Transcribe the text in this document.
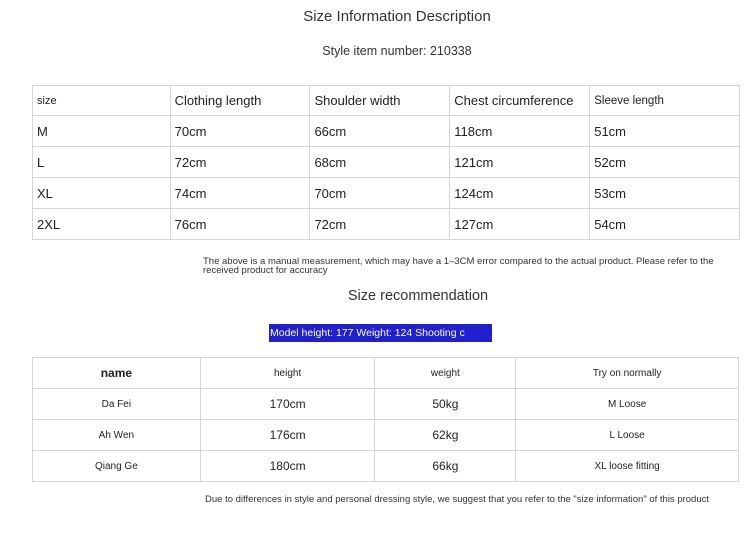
Size Information Description
Style item number: 210338
size	Clothing length	Shoulder width	Chest circumference	Sleeve length
M	70cm	66cm	118cm	51cm
L	72cm	68cm	121cm	52cm
XL	74cm	70cm	124cm	53cm
2XL	76cm	72cm	127cm	54cm
The above is a manual measurement, which may have a 1–3CM error compared to the actual product. Please refer to the received product for accuracy
Size recommendation
Model height: 177 Weight: 124 Shooting c
name	height	weight	Try on normally
Da Fei	170cm	50kg	M Loose
Ah Wen	176cm	62kg	L Loose
Qiang Ge	180cm	66kg	XL loose fitting
Due to differences in style and personal dressing style, we suggest that you refer to the "size information" of this product
